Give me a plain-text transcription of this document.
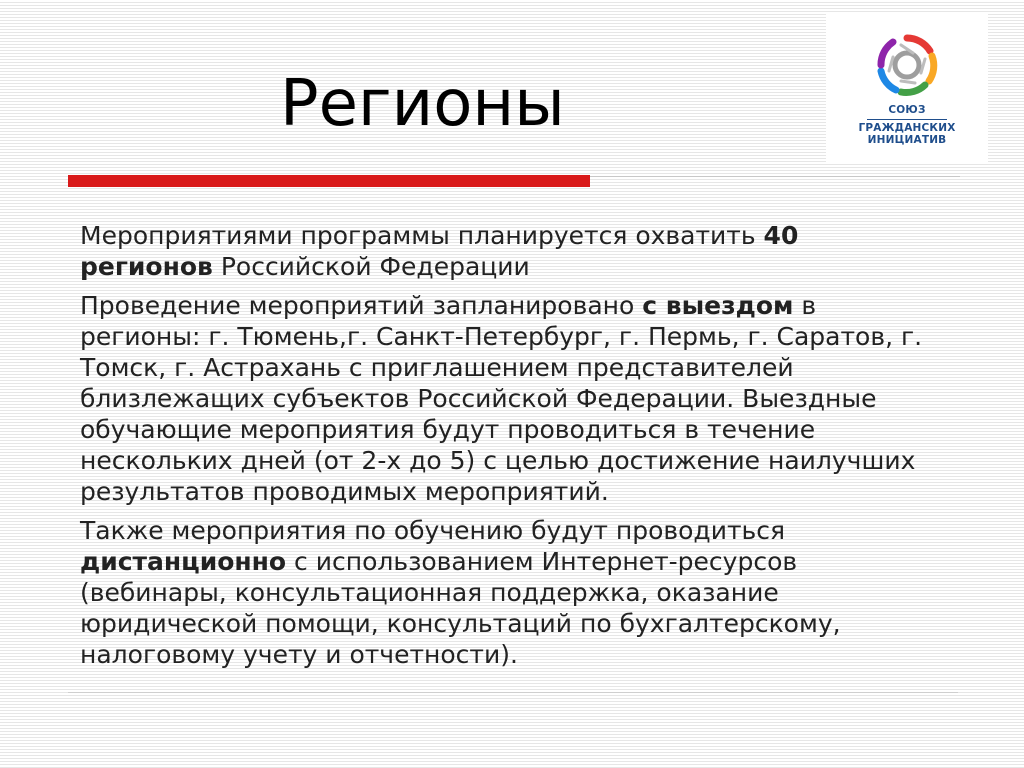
Регионы	СОЮЗ
ГРАЖДАНСКИХ
ИНИЦИАТИВ

Мероприятиями программы планируется охватить 40 регионов Российской Федерации

Проведение мероприятий запланировано с выездом в регионы: г. Тюмень,г. Санкт-Петербург, г. Пермь, г. Саратов, г. Томск, г. Астрахань с приглашением представителей близлежащих субъектов Российской Федерации. Выездные обучающие мероприятия будут проводиться в течение нескольких дней (от 2-х до 5) с целью достижение наилучших результатов проводимых мероприятий.

Также мероприятия по обучению будут проводиться дистанционно с использованием Интернет-ресурсов (вебинары, консультационная поддержка, оказание юридической помощи, консультаций по бухгалтерскому, налоговому учету и отчетности).
